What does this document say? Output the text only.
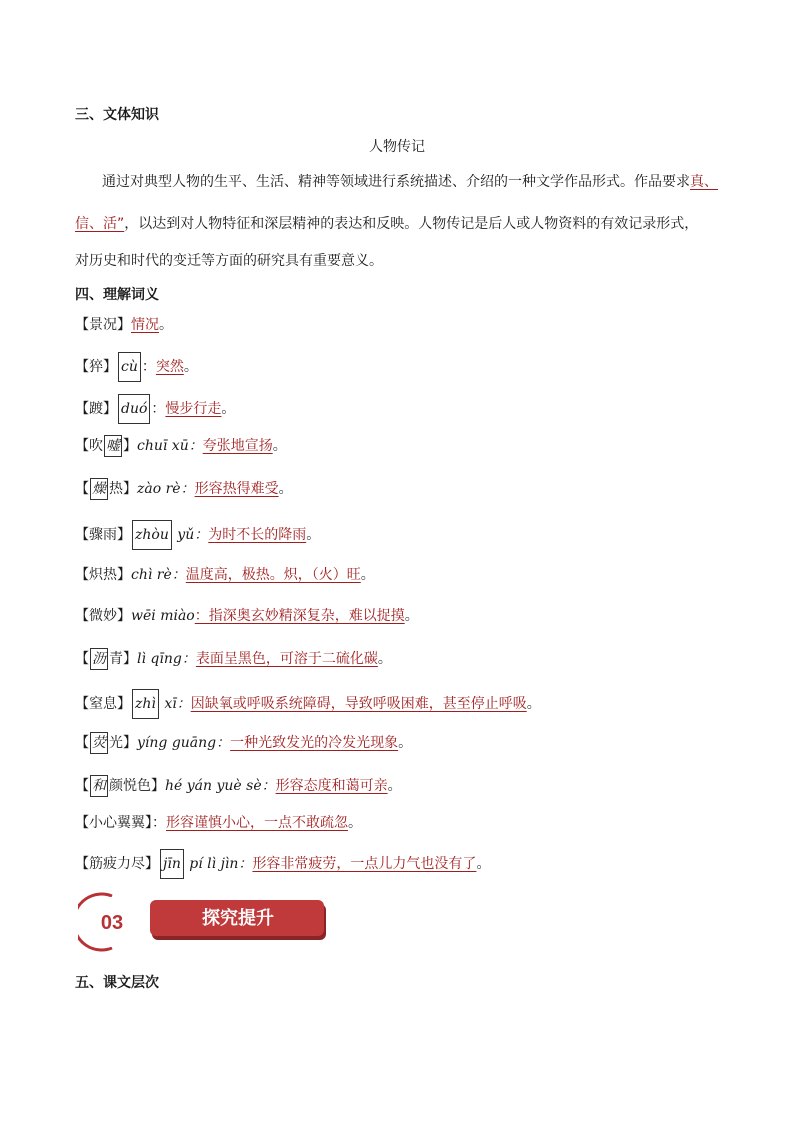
三、文体知识
人物传记
通过对典型人物的生平、生活、精神等领域进行系统描述、介绍的一种文学作品形式。作品要求真、
信、活”，以达到对人物特征和深层精神的表达和反映。人物传记是后人或人物资料的有效记录形式，
对历史和时代的变迁等方面的研究具有重要意义。
四、理解词义
【景况】情况。
【猝】 cù ：突然。
【踱】 duó ：慢步行走。
【吹 嘘 】chuī xū：夸张地宣扬。
【 燥 热】zào rè：形容热得难受。
【骤雨】 zhòu yǔ：为时不长的降雨。
【炽热】chì rè：温度高，极热。炽，（火）旺。
【微妙】wēi miào：指深奥玄妙精深复杂，难以捉摸。
【 沥 青】lì qīng：表面呈黑色，可溶于二硫化碳。
【窒息】 zhì xī：因缺氧或呼吸系统障碍，导致呼吸困难，甚至停止呼吸。
【 荧 光】yíng guāng：一种光致发光的冷发光现象。
【 和 颜悦色】hé yán yuè sè：形容态度和蔼可亲。
【小心翼翼】：形容谨慎小心，一点不敢疏忽。
【筋疲力尽】 jīn pí lì jìn：形容非常疲劳，一点儿力气也没有了。
03	探究提升
五、课文层次
